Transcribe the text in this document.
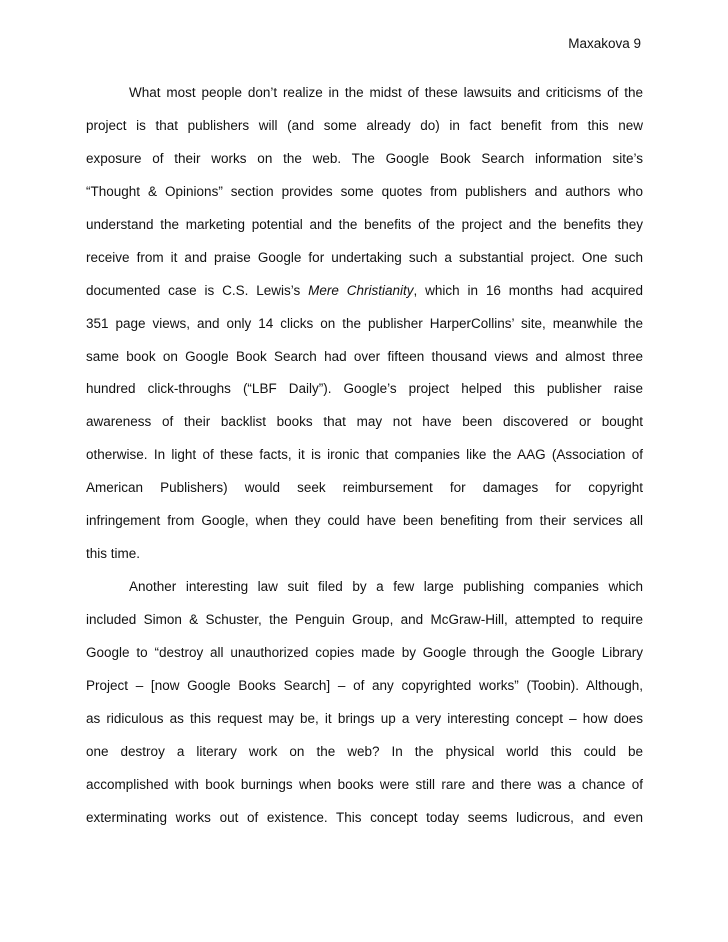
Maxakova 9
What most people don’t realize in the midst of these lawsuits and criticisms of the
project is that publishers will (and some already do) in fact benefit from this new
exposure of their works on the web. The Google Book Search information site’s
“Thought & Opinions” section provides some quotes from publishers and authors who
understand the marketing potential and the benefits of the project and the benefits they
receive from it and praise Google for undertaking such a substantial project. One such
documented case is C.S. Lewis’s Mere Christianity, which in 16 months had acquired
351 page views, and only 14 clicks on the publisher HarperCollins’ site, meanwhile the
same book on Google Book Search had over fifteen thousand views and almost three
hundred click-throughs (“LBF Daily”). Google’s project helped this publisher raise
awareness of their backlist books that may not have been discovered or bought
otherwise. In light of these facts, it is ironic that companies like the AAG (Association of
American Publishers) would seek reimbursement for damages for copyright
infringement from Google, when they could have been benefiting from their services all
this time.
Another interesting law suit filed by a few large publishing companies which
included Simon & Schuster, the Penguin Group, and McGraw-Hill, attempted to require
Google to “destroy all unauthorized copies made by Google through the Google Library
Project – [now Google Books Search] – of any copyrighted works” (Toobin). Although,
as ridiculous as this request may be, it brings up a very interesting concept – how does
one destroy a literary work on the web? In the physical world this could be
accomplished with book burnings when books were still rare and there was a chance of
exterminating works out of existence. This concept today seems ludicrous, and even
